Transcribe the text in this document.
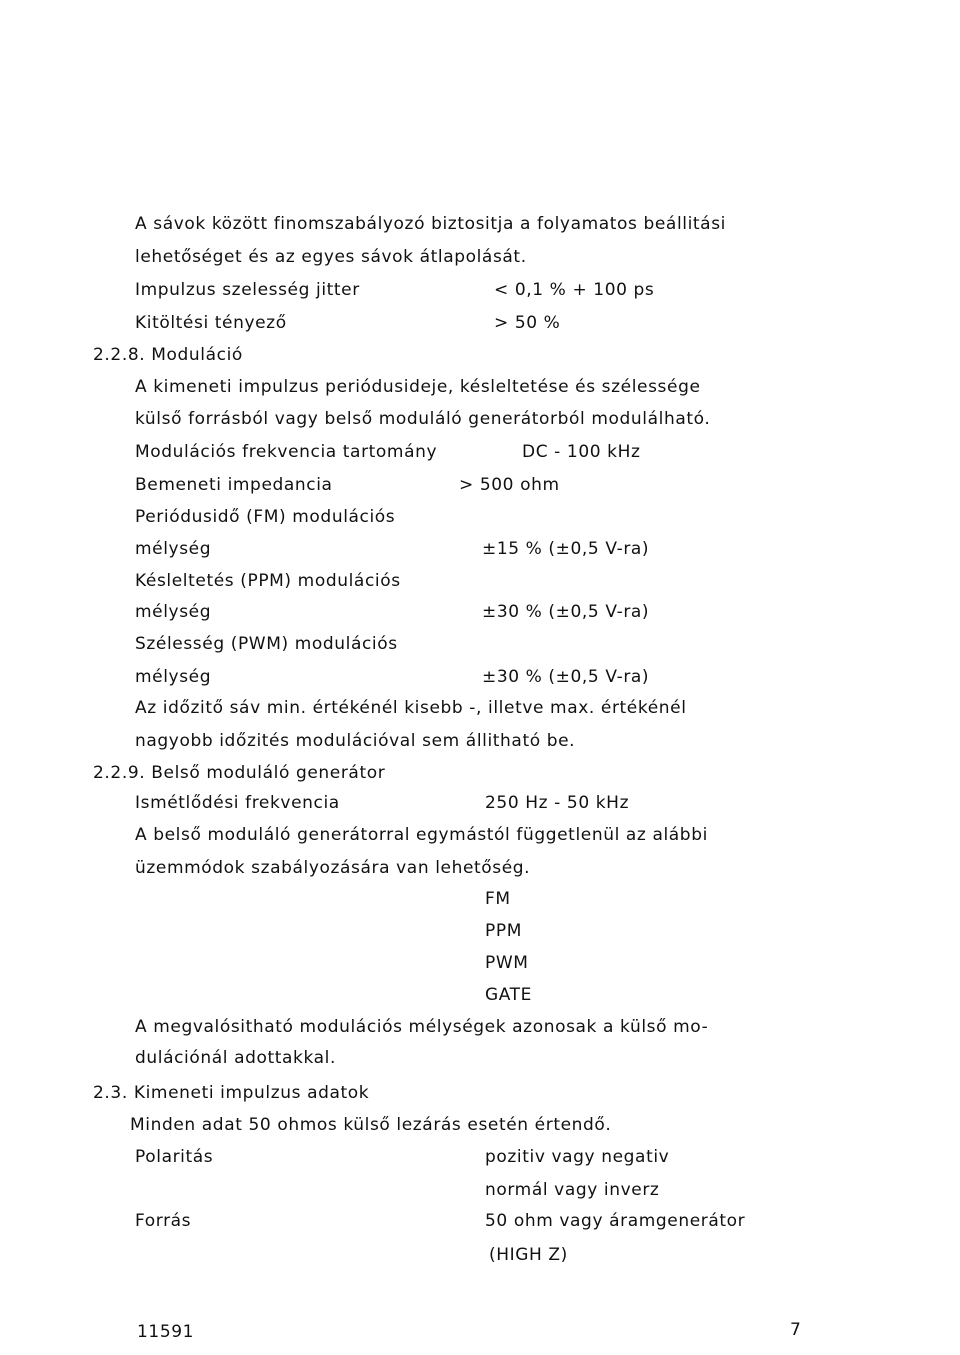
A sávok között finomszabályozó biztositja a folyamatos beállitási
lehetőséget és az egyes sávok átlapolását.
Impulzus szelesség jitter	< 0,1 % + 100 ps
Kitöltési tényező	> 50 %
2.2.8. Moduláció
A kimeneti impulzus periódusideje, késleltetése és szélessége
külső forrásból vagy belső moduláló generátorból modulálható.
Modulációs frekvencia tartomány	DC - 100 kHz
Bemeneti impedancia	> 500 ohm
Periódusidő (FM) modulációs
mélység	±15 % (±0,5 V-ra)
Késleltetés (PPM) modulációs
mélység	±30 % (±0,5 V-ra)
Szélesség (PWM) modulációs
mélység	±30 % (±0,5 V-ra)
Az időzitő sáv min. értékénél kisebb -, illetve max. értékénél
nagyobb időzités modulációval sem állitható be.
2.2.9. Belső moduláló generátor
Ismétlődési frekvencia	250 Hz - 50 kHz
A belső moduláló generátorral egymástól függetlenül az alábbi
üzemmódok szabályozására van lehetőség.
FM
PPM
PWM
GATE
A megvalósitható modulációs mélységek azonosak a külső mo-
dulációnál adottakkal.
2.3. Kimeneti impulzus adatok
Minden adat 50 ohmos külső lezárás esetén értendő.
Polaritás	pozitiv vagy negativ
normál vagy inverz
Forrás	50 ohm vagy áramgenerátor
(HIGH Z)
11591	7
